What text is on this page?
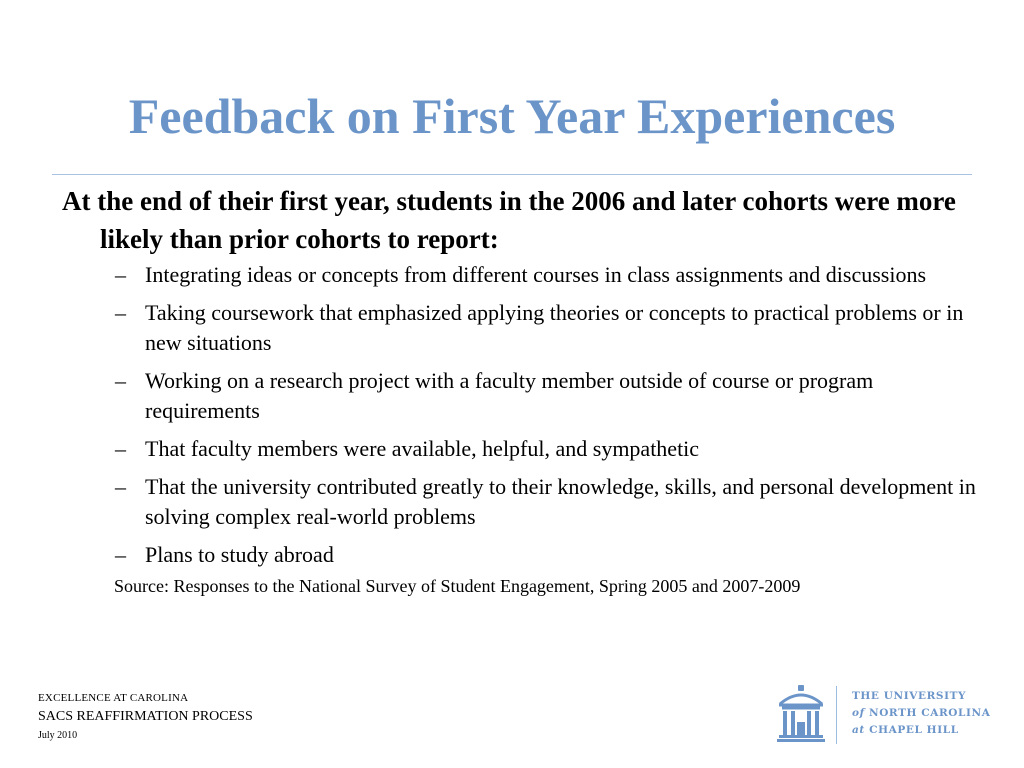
Feedback on First Year Experiences

At the end of their first year, students in the 2006 and later cohorts were more likely than prior cohorts to report:

– Integrating ideas or concepts from different courses in class assignments and discussions
– Taking coursework that emphasized applying theories or concepts to practical problems or in new situations
– Working on a research project with a faculty member outside of course or program requirements
– That faculty members were available, helpful, and sympathetic
– That the university contributed greatly to their knowledge, skills, and personal development in solving complex real-world problems
– Plans to study abroad
Source: Responses to the National Survey of Student Engagement, Spring 2005 and 2007-2009
EXCELLENCE AT CAROLINA
SACS REAFFIRMATION PROCESS
July 2010
THE UNIVERSITY
of NORTH CAROLINA
at CHAPEL HILL
